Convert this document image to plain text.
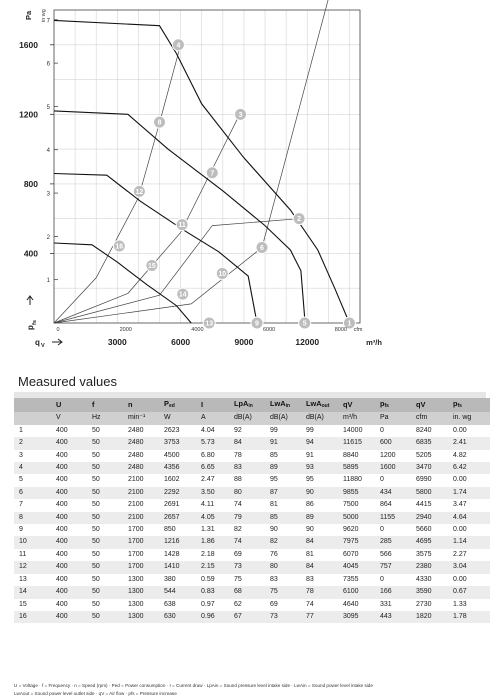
1
2
3
4
5
6
7
8
9
10
11
12
13
14
15
16
400
800
1200
1600
1
2
3
4
5
6
7
Pa in wg
p
fs
3000	6000	9000	12000	m³/h
q V
2000	4000	6000	8000 cfm
0
Measured values
	U	f	n	$P_{ed}$	I	LpA$_{in}$	LwA$_{in}$	LwA$_{out}$	qV	$p_{fs}$	qV	$p_{fs}$
	V	Hz	min⁻¹	W	A	dB(A)	dB(A)	dB(A)	m³/h	Pa	cfm	in. wg
1	400	50	2480	2623	4.04	92	99	99	14000	0	8240	0.00
2	400	50	2480	3753	5.73	84	91	94	11615	600	6835	2.41
3	400	50	2480	4500	6.80	78	85	91	8840	1200	5205	4.82
4	400	50	2480	4356	6.65	83	89	93	5895	1600	3470	6.42
5	400	50	2100	1602	2.47	88	95	95	11880	0	6990	0.00
6	400	50	2100	2292	3.50	80	87	90	9855	434	5800	1.74
7	400	50	2100	2691	4.11	74	81	86	7500	864	4415	3.47
8	400	50	2100	2657	4.05	79	85	89	5000	1155	2940	4.64
9	400	50	1700	850	1.31	82	90	90	9620	0	5660	0.00
10	400	50	1700	1216	1.86	74	82	84	7975	285	4695	1.14
11	400	50	1700	1428	2.18	69	76	81	6070	566	3575	2.27
12	400	50	1700	1410	2.15	73	80	84	4045	757	2380	3.04
13	400	50	1300	380	0.59	75	83	83	7355	0	4330	0.00
14	400	50	1300	544	0.83	68	75	78	6100	166	3590	0.67
15	400	50	1300	638	0.97	62	69	74	4640	331	2730	1.33
16	400	50	1300	630	0.96	67	73	77	3095	443	1820	1.78
U = Voltage · f = Frequency · n = Speed (rpm) · Ped = Power consumption · I = Current draw · LpAin = Sound pressure level intake side · LwAin = Sound power level intake side
LwAout = Sound power level outlet side · qV = Air flow · pfs = Pressure increase
